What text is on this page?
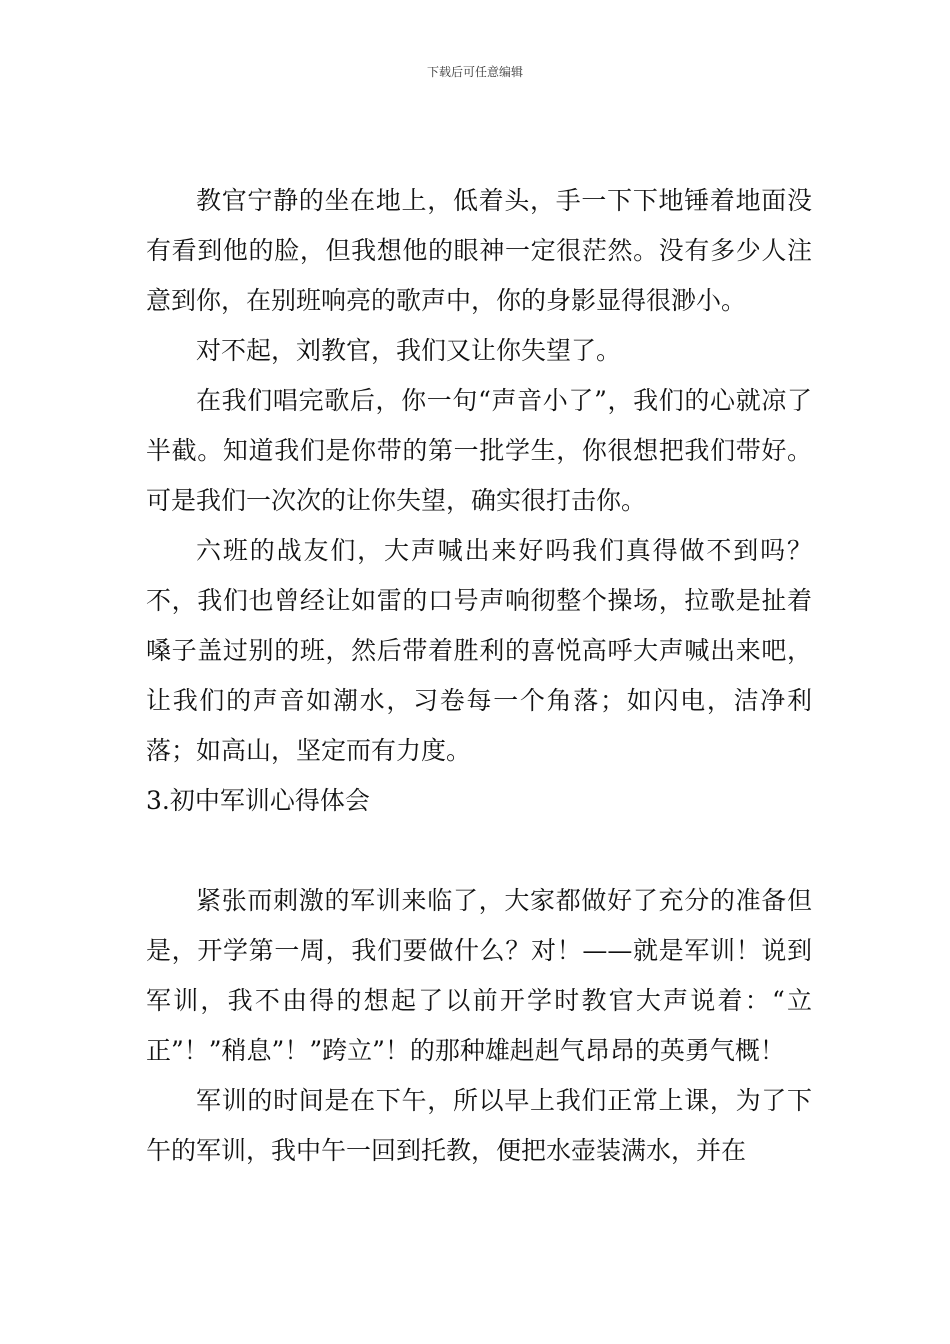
下载后可任意编辑

教官宁静的坐在地上，低着头，手一下下地锤着地面没有看到他的脸，但我想他的眼神一定很茫然。没有多少人注意到你，在别班响亮的歌声中，你的身影显得很渺小。

对不起，刘教官，我们又让你失望了。

在我们唱完歌后，你一句“声音小了”，我们的心就凉了半截。知道我们是你带的第一批学生，你很想把我们带好。可是我们一次次的让你失望，确实很打击你。

六班的战友们，大声喊出来好吗我们真得做不到吗？不，我们也曾经让如雷的口号声响彻整个操场，拉歌是扯着嗓子盖过别的班，然后带着胜利的喜悦高呼大声喊出来吧，让我们的声音如潮水，习卷每一个角落；如闪电，洁净利落；如高山，坚定而有力度。

3.初中军训心得体会

紧张而刺激的军训来临了，大家都做好了充分的准备但是，开学第一周，我们要做什么？对！——就是军训！说到军训，我不由得的想起了以前开学时教官大声说着：“立正”！”稍息”！”跨立”！的那种雄赳赳气昂昂的英勇气概！

军训的时间是在下午，所以早上我们正常上课，为了下午的军训，我中午一回到托教，便把水壶装满水，并在
